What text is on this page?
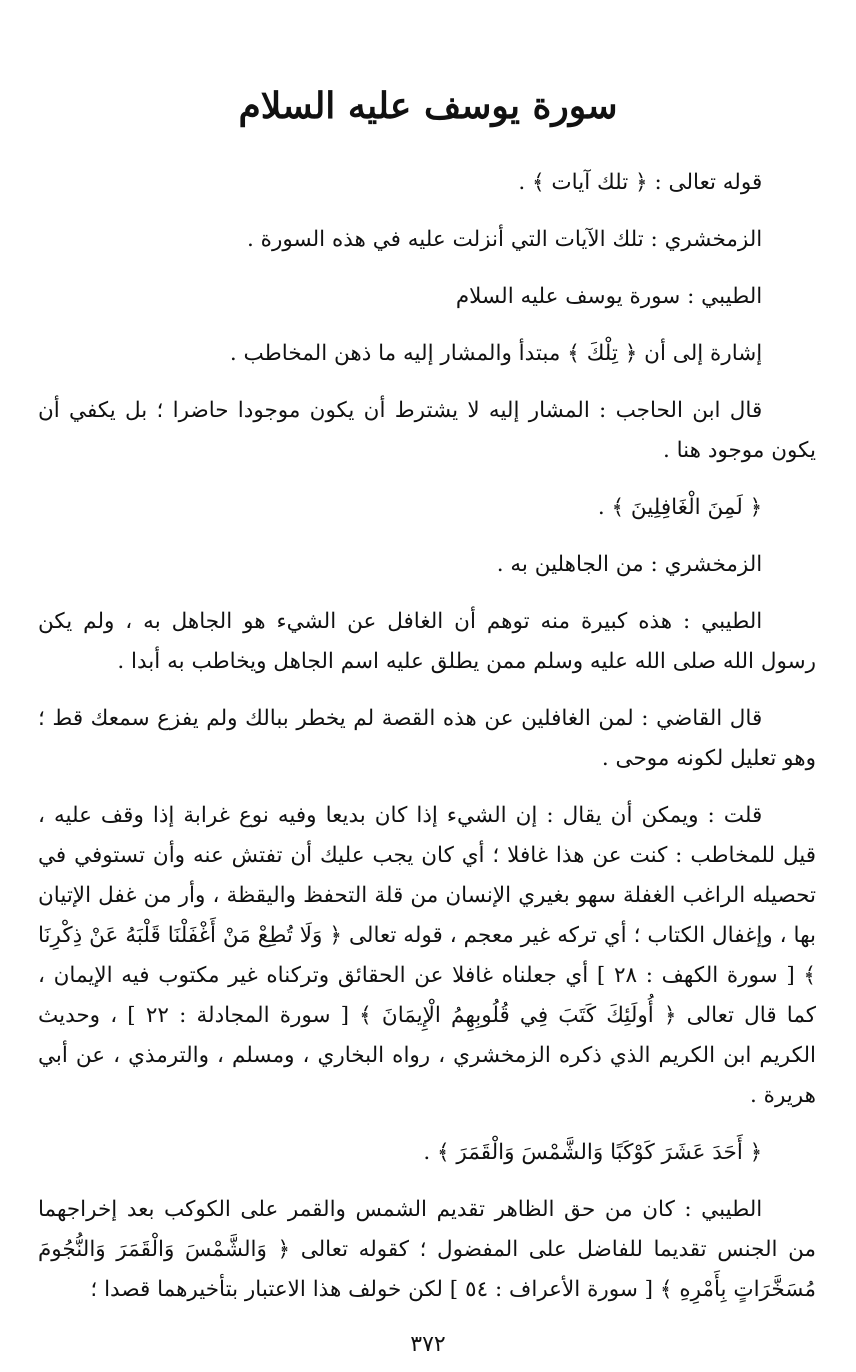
سورة يوسف عليه السلام

قوله تعالى : ﴿ تلك آيات ﴾ .

الزمخشري : تلك الآيات التي أنزلت عليه في هذه السورة .

الطيبي : سورة يوسف عليه السلام

إشارة إلى أن ﴿ تِلْكَ ﴾ مبتدأ والمشار إليه ما ذهن المخاطب .

قال ابن الحاجب : المشار إليه لا يشترط أن يكون موجودا حاضرا ؛ بل يكفي أن يكون موجود هنا .

﴿ لَمِنَ الْغَافِلِينَ ﴾ .

الزمخشري : من الجاهلين به .

الطيبي : هذه كبيرة منه توهم أن الغافل عن الشيء هو الجاهل به ، ولم يكن رسول الله صلى الله عليه وسلم ممن يطلق عليه اسم الجاهل ويخاطب به أبدا .

قال القاضي : لمن الغافلين عن هذه القصة لم يخطر ببالك ولم يفزع سمعك قط ؛ وهو تعليل لكونه موحى .

قلت : ويمكن أن يقال : إن الشيء إذا كان بديعا وفيه نوع غرابة إذا وقف عليه ، قيل للمخاطب : كنت عن هذا غافلا ؛ أي كان يجب عليك أن تفتش عنه وأن تستوفي في تحصيله الراغب الغفلة سهو بغيري الإنسان من قلة التحفظ واليقظة ، وأر من غفل الإتيان بها ، وإغفال الكتاب ؛ أي تركه غير معجم ، قوله تعالى ﴿ وَلَا تُطِعْ مَنْ أَغْفَلْنَا قَلْبَهُ عَنْ ذِكْرِنَا ﴾ [ سورة الكهف : ٢٨ ] أي جعلناه غافلا عن الحقائق وتركناه غير مكتوب فيه الإيمان ، كما قال تعالى ﴿ أُولَئِكَ كَتَبَ فِي قُلُوبِهِمُ الْإِيمَانَ ﴾ [ سورة المجادلة : ٢٢ ] ، وحديث الكريم ابن الكريم الذي ذكره الزمخشري ، رواه البخاري ، ومسلم ، والترمذي ، عن أبي هريرة .

﴿ أَحَدَ عَشَرَ كَوْكَبًا وَالشَّمْسَ وَالْقَمَرَ ﴾ .

الطيبي : كان من حق الظاهر تقديم الشمس والقمر على الكوكب بعد إخراجهما من الجنس تقديما للفاضل على المفضول ؛ كقوله تعالى ﴿ وَالشَّمْسَ وَالْقَمَرَ وَالنُّجُومَ مُسَخَّرَاتٍ بِأَمْرِهِ ﴾ [ سورة الأعراف : ٥٤ ] لكن خولف هذا الاعتبار بتأخيرهما قصدا ؛

٣٧٢
